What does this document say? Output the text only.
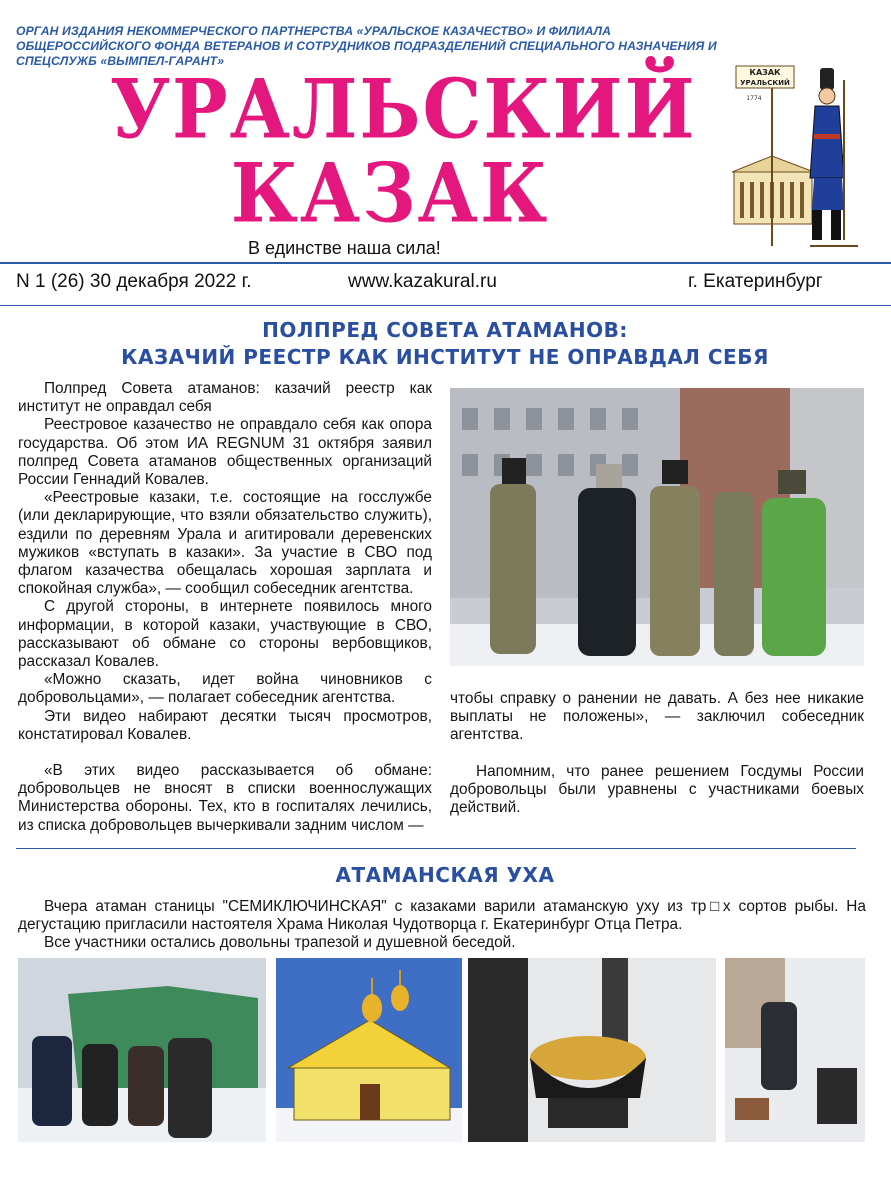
ОРГАН ИЗДАНИЯ НЕКОММЕРЧЕСКОГО ПАРТНЕРСТВА «УРАЛЬСКОЕ КАЗАЧЕСТВО» И ФИЛИАЛА ОБЩЕРОССИЙСКОГО ФОНДА ВЕТЕРАНОВ И СОТРУДНИКОВ ПОДРАЗДЕЛЕНИЙ СПЕЦИАЛЬНОГО НАЗНАЧЕНИЯ И СПЕЦСЛУЖБ «ВЫМПЕЛ-ГАРАНТ»
УРАЛЬСКИЙ
КАЗАК
В единстве наша сила!
КАЗАК
УРАЛЬСКИЙ
1774
N 1 (26) 30 декабря 2022 г.	www.kazakural.ru	г. Екатеринбург
ПОЛПРЕД СОВЕТА АТАМАНОВ:
КАЗАЧИЙ РЕЕСТР КАК ИНСТИТУТ НЕ ОПРАВДАЛ СЕБЯ

Полпред Совета атаманов: казачий реестр как институт не оправдал себя

Реестровое казачество не оправдало себя как опора государства. Об этом ИА REGNUM 31 октября заявил полпред Совета атаманов общественных организаций России Геннадий Ковалев.

«Реестровые казаки, т.е. состоящие на госслужбе (или декларирующие, что взяли обязательство служить), ездили по деревням Урала и агитировали деревенских мужиков «вступать в казаки». За участие в СВО под флагом казачества обещалась хорошая зарплата и спокойная служба», — сообщил собеседник агентства.

С другой стороны, в интернете появилось много информации, в которой казаки, участвующие в СВО, рассказывают об обмане со стороны вербовщиков, рассказал Ковалев.

«Можно сказать, идет война чиновников с добровольцами», — полагает собеседник агентства.

Эти видео набирают десятки тысяч просмотров, констатировал Ковалев.

«В этих видео рассказывается об обмане: добровольцев не вносят в списки военнослужащих Министерства обороны. Тех, кто в госпиталях лечились, из списка добровольцев вычеркивали задним числом —

чтобы справку о ранении не давать. А без нее никакие выплаты не положены», — заключил собеседник агентства.

Напомним, что ранее решением Госдумы России добровольцы были уравнены с участниками боевых действий.

АТАМАНСКАЯ УХА

Вчера атаман станицы "СЕМИКЛЮЧИНСКАЯ" с казаками варили атаманскую уху из тр□х сортов рыбы. На дегустацию пригласили настоятеля Храма Николая Чудотворца г. Екатеринбург Отца Петра.

Все участники остались довольны трапезой и душевной беседой.
